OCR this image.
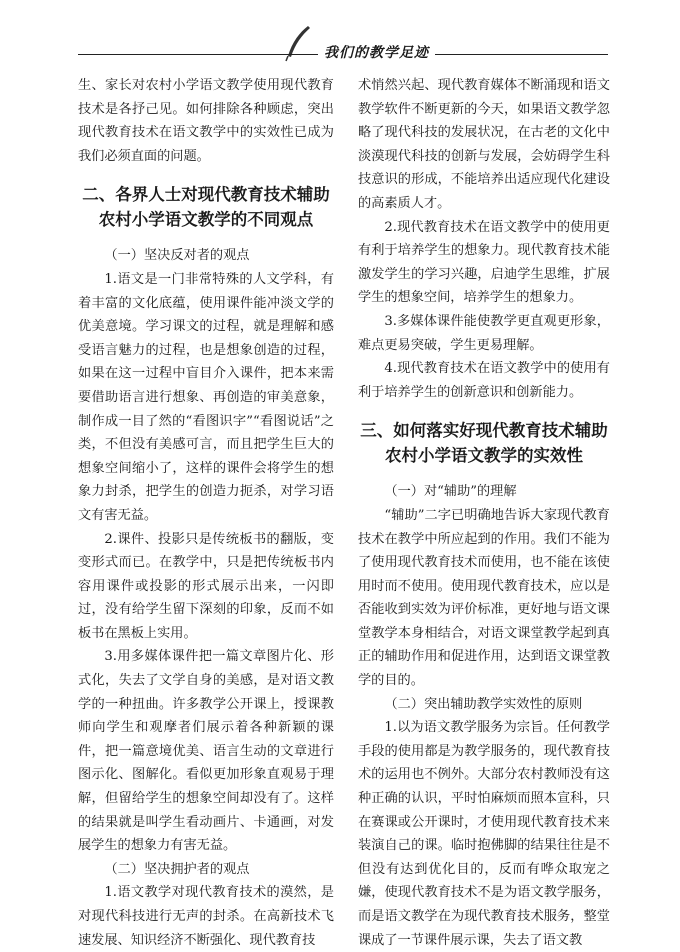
我们的教学足迹

生、家长对农村小学语文教学使用现代教育技术是各抒己见。如何排除各种顾虑，突出现代教育技术在语文教学中的实效性已成为我们必须直面的问题。

二、各界人士对现代教育技术辅助农村小学语文教学的不同观点

（一）坚决反对者的观点

1.语文是一门非常特殊的人文学科，有着丰富的文化底蕴，使用课件能冲淡文学的优美意境。学习课文的过程，就是理解和感受语言魅力的过程，也是想象创造的过程，如果在这一过程中盲目介入课件，把本来需要借助语言进行想象、再创造的审美意象，制作成一目了然的“看图识字”“看图说话”之类，不但没有美感可言，而且把学生巨大的想象空间缩小了，这样的课件会将学生的想象力封杀，把学生的创造力扼杀，对学习语文有害无益。

2.课件、投影只是传统板书的翻版，变变形式而已。在教学中，只是把传统板书内容用课件或投影的形式展示出来，一闪即过，没有给学生留下深刻的印象，反而不如板书在黑板上实用。

3.用多媒体课件把一篇文章图片化、形式化，失去了文学自身的美感，是对语文教学的一种扭曲。许多教学公开课上，授课教师向学生和观摩者们展示着各种新颖的课件，把一篇意境优美、语言生动的文章进行图示化、图解化。看似更加形象直观易于理解，但留给学生的想象空间却没有了。这样的结果就是叫学生看动画片、卡通画，对发展学生的想象力有害无益。

（二）坚决拥护者的观点

1.语文教学对现代教育技术的漠然，是对现代科技进行无声的封杀。在高新技术飞速发展、知识经济不断强化、现代教育技

术悄然兴起、现代教育媒体不断涌现和语文教学软件不断更新的今天，如果语文教学忽略了现代科技的发展状况，在古老的文化中淡漠现代科技的创新与发展，会妨碍学生科技意识的形成，不能培养出适应现代化建设的高素质人才。

2.现代教育技术在语文教学中的使用更有利于培养学生的想象力。现代教育技术能激发学生的学习兴趣，启迪学生思维，扩展学生的想象空间，培养学生的想象力。

3.多媒体课件能使教学更直观更形象，难点更易突破，学生更易理解。

4.现代教育技术在语文教学中的使用有利于培养学生的创新意识和创新能力。

三、如何落实好现代教育技术辅助农村小学语文教学的实效性

（一）对“辅助”的理解

“辅助”二字已明确地告诉大家现代教育技术在教学中所应起到的作用。我们不能为了使用现代教育技术而使用，也不能在该使用时而不使用。使用现代教育技术，应以是否能收到实效为评价标准，更好地与语文课堂教学本身相结合，对语文课堂教学起到真正的辅助作用和促进作用，达到语文课堂教学的目的。

（二）突出辅助教学实效性的原则

1.以为语文教学服务为宗旨。任何教学手段的使用都是为教学服务的，现代教育技术的运用也不例外。大部分农村教师没有这种正确的认识，平时怕麻烦而照本宣科，只在赛课或公开课时，才使用现代教育技术来装演自己的课。临时抱佛脚的结果往往是不但没有达到优化目的，反而有哗众取宠之嫌，使现代教育技术不是为语文教学服务，而是语文教学在为现代教育技术服务，整堂课成了一节课件展示课，失去了语文教
